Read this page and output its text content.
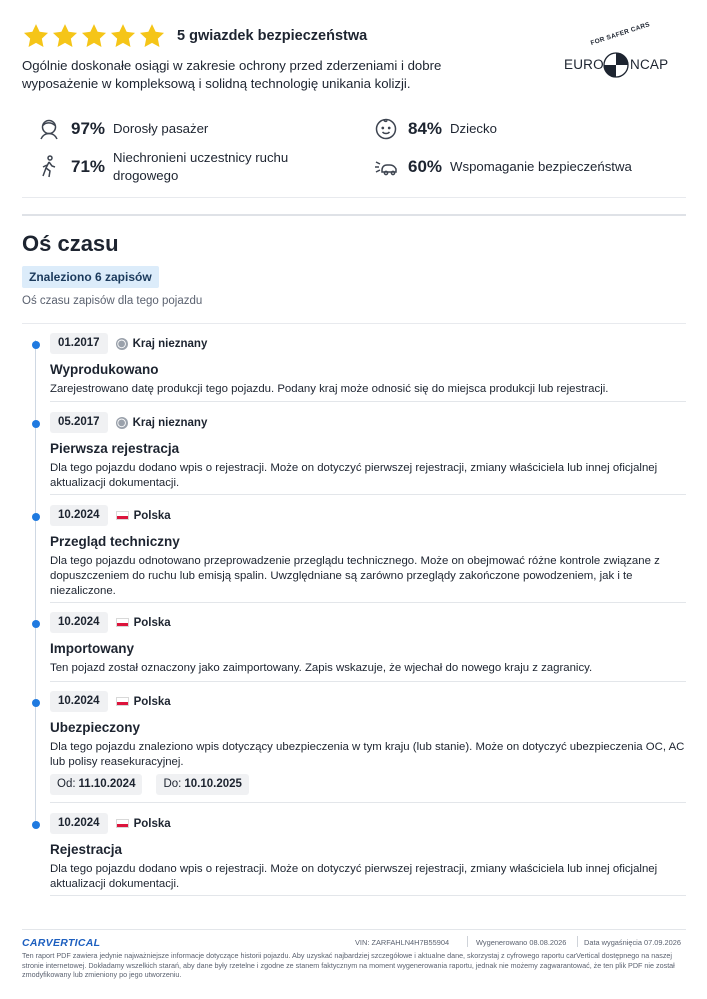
5 gwiazdek bezpieczeństwa

Ogólnie doskonałe osiągi w zakresie ochrony przed zderzeniami i dobre wyposażenie w kompleksową i solidną technologię unikania kolizji.

FOR SAFER CARS
EURO NCAP
97% Dorosły pasażer	84% Dziecko
71% Niechronieni uczestnicy ruchu drogowego	60% Wspomaganie bezpieczeństwa
Oś czasu
Znaleziono 6 zapisów

Oś czasu zapisów dla tego pojazdu

01.2017	◯ Kraj nieznany
Wyprodukowano

Zarejestrowano datę produkcji tego pojazdu. Podany kraj może odnosić się do miejsca produkcji lub rejestracji.

05.2017	◯ Kraj nieznany
Pierwsza rejestracja

Dla tego pojazdu dodano wpis o rejestracji. Może on dotyczyć pierwszej rejestracji, zmiany właściciela lub innej oficjalnej aktualizacji dokumentacji.

10.2024	Polska
Przegląd techniczny

Dla tego pojazdu odnotowano przeprowadzenie przeglądu technicznego. Może on obejmować różne kontrole związane z dopuszczeniem do ruchu lub emisją spalin. Uwzględniane są zarówno przeglądy zakończone powodzeniem, jak i te niezaliczone.

10.2024	Polska
Importowany

Ten pojazd został oznaczony jako zaimportowany. Zapis wskazuje, że wjechał do nowego kraju z zagranicy.

10.2024	Polska
Ubezpieczony

Dla tego pojazdu znaleziono wpis dotyczący ubezpieczenia w tym kraju (lub stanie). Może on dotyczyć ubezpieczenia OC, AC lub polisy reasekuracyjnej.

Od: 11.10.2024	Do: 10.10.2025
10.2024	Polska
Rejestracja

Dla tego pojazdu dodano wpis o rejestracji. Może on dotyczyć pierwszej rejestracji, zmiany właściciela lub innej oficjalnej aktualizacji dokumentacji.

CARVERTICAL	VIN: ZARFAHLN4H7B55904	Wygenerowano 08.08.2026 Data wygaśnięcia 07.09.2026

Ten raport PDF zawiera jedynie najważniejsze informacje dotyczące historii pojazdu. Aby uzyskać najbardziej szczegółowe i aktualne dane, skorzystaj z cyfrowego raportu carVertical dostępnego na naszej stronie internetowej. Dokładamy wszelkich starań, aby dane były rzetelne i zgodne ze stanem faktycznym na moment wygenerowania raportu, jednak nie możemy zagwarantować, że ten plik PDF nie został zmodyfikowany lub zmieniony po jego utworzeniu.
